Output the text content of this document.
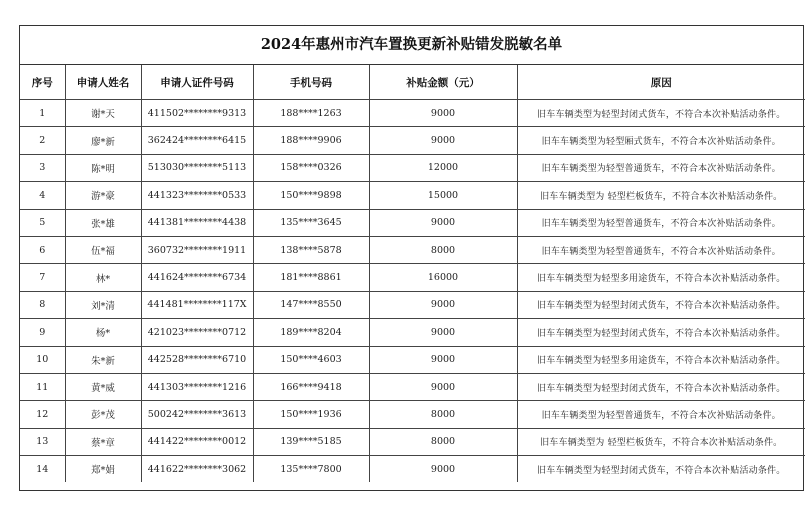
2024年惠州市汽车置换更新补贴错发脱敏名单
序号	申请人姓名	申请人证件号码	手机号码	补贴金额（元）	原因
1	谢*天	411502********9313	188****1263	9000	旧车车辆类型为轻型封闭式货车，不符合本次补贴活动条件。
2	廖*新	362424********6415	188****9906	9000	旧车车辆类型为轻型厢式货车，不符合本次补贴活动条件。
3	陈*明	513030********5113	158****0326	12000	旧车车辆类型为轻型普通货车，不符合本次补贴活动条件。
4	游*豪	441323********0533	150****9898	15000	旧车车辆类型为 轻型栏板货车，不符合本次补贴活动条件。
5	张*雄	441381********4438	135****3645	9000	旧车车辆类型为轻型普通货车，不符合本次补贴活动条件。
6	伍*福	360732********1911	138****5878	8000	旧车车辆类型为轻型普通货车，不符合本次补贴活动条件。
7	林*	441624********6734	181****8861	16000	旧车车辆类型为轻型多用途货车，不符合本次补贴活动条件。
8	刘*清	441481********117X	147****8550	9000	旧车车辆类型为轻型封闭式货车，不符合本次补贴活动条件。
9	杨*	421023********0712	189****8204	9000	旧车车辆类型为轻型封闭式货车，不符合本次补贴活动条件。
10	朱*新	442528********6710	150****4603	9000	旧车车辆类型为轻型多用途货车，不符合本次补贴活动条件。
11	黄*威	441303********1216	166****9418	9000	旧车车辆类型为轻型封闭式货车，不符合本次补贴活动条件。
12	彭*茂	500242********3613	150****1936	8000	旧车车辆类型为轻型普通货车，不符合本次补贴活动条件。
13	蔡*章	441422********0012	139****5185	8000	旧车车辆类型为 轻型栏板货车，不符合本次补贴活动条件。
14	郑*娟	441622********3062	135****7800	9000	旧车车辆类型为轻型封闭式货车，不符合本次补贴活动条件。
